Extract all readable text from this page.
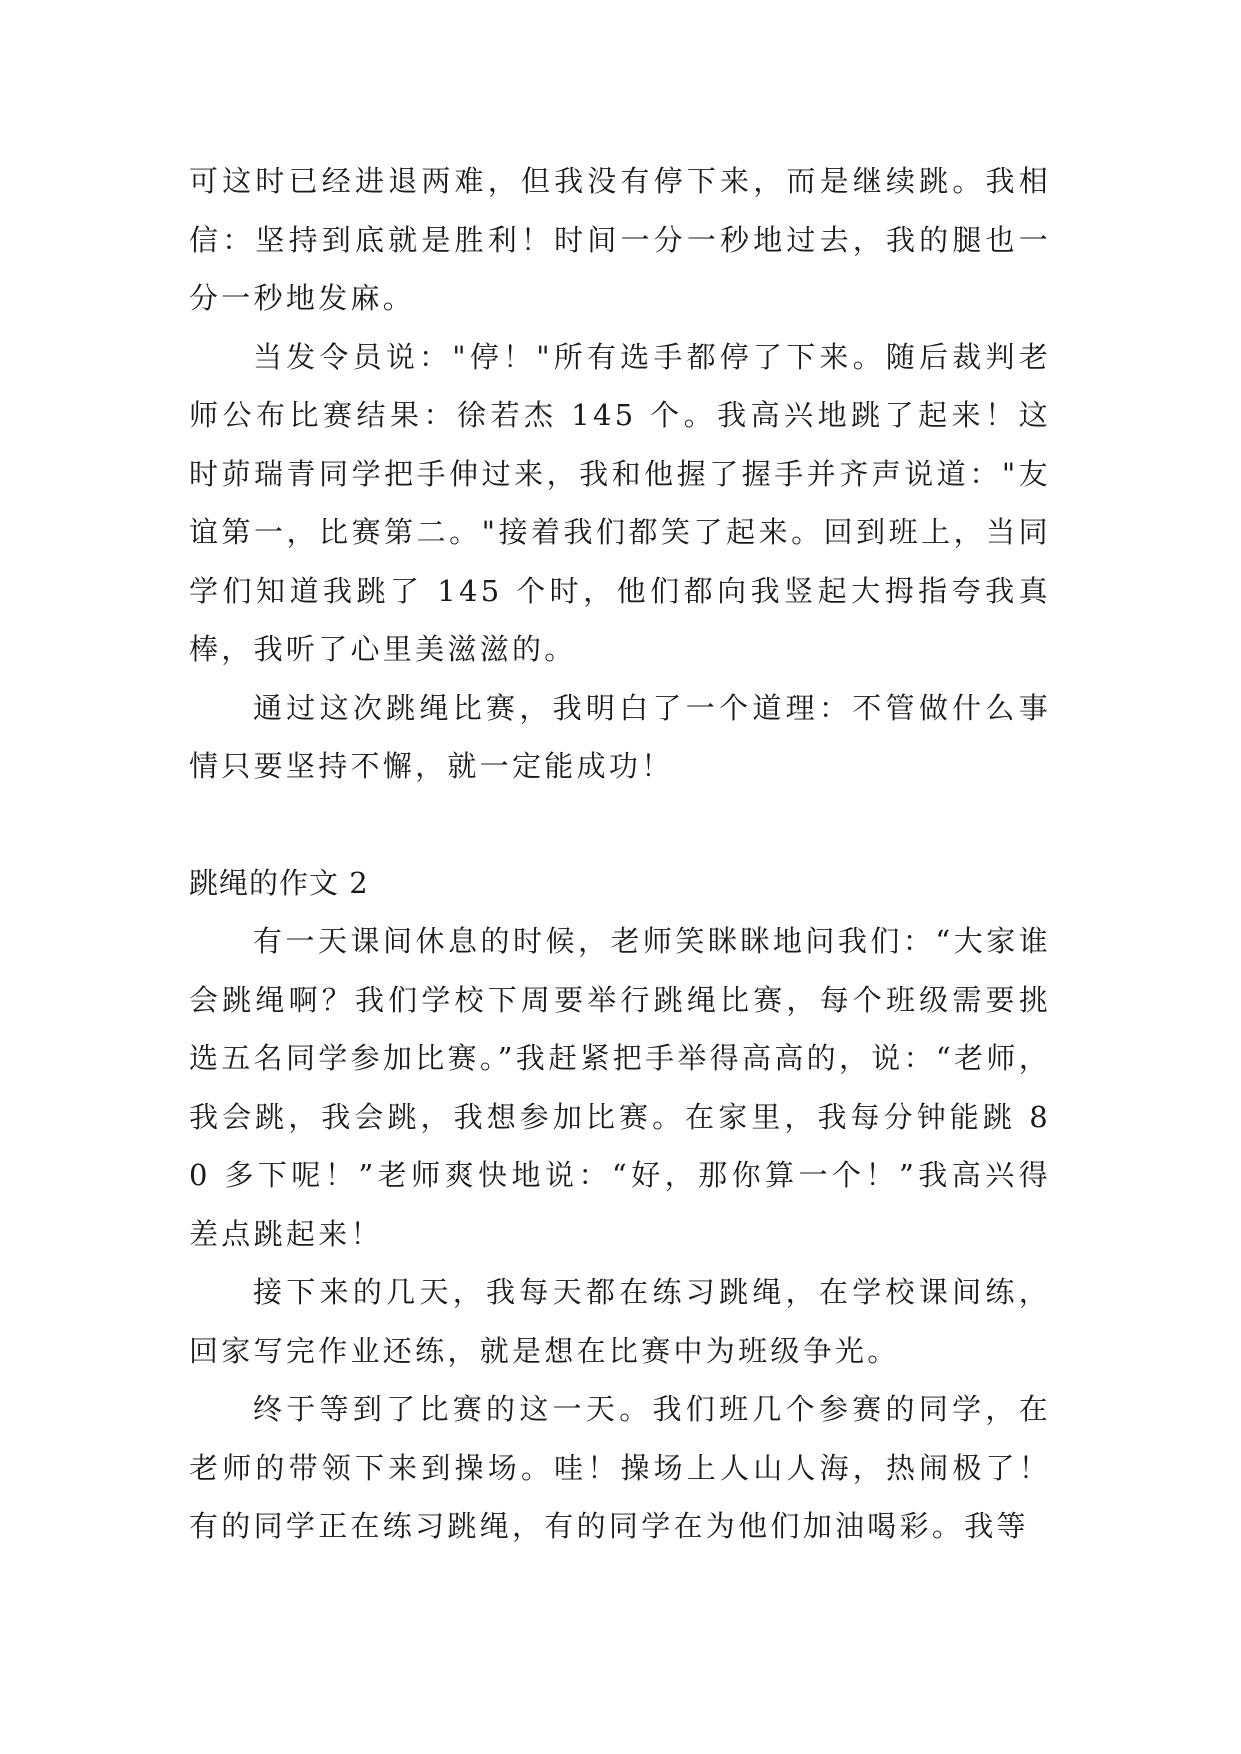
可这时已经进退两难，但我没有停下来，而是继续跳。我相信：坚持到底就是胜利！时间一分一秒地过去，我的腿也一分一秒地发麻。

当发令员说："停！"所有选手都停了下来。随后裁判老师公布比赛结果：徐若杰 145 个。我高兴地跳了起来！这时茆瑞青同学把手伸过来，我和他握了握手并齐声说道："友谊第一，比赛第二。"接着我们都笑了起来。回到班上，当同学们知道我跳了 145 个时，他们都向我竖起大拇指夸我真棒，我听了心里美滋滋的。

通过这次跳绳比赛，我明白了一个道理：不管做什么事情只要坚持不懈，就一定能成功！

跳绳的作文 2

有一天课间休息的时候，老师笑眯眯地问我们：“大家谁会跳绳啊？我们学校下周要举行跳绳比赛，每个班级需要挑选五名同学参加比赛。”我赶紧把手举得高高的，说：“老师，我会跳，我会跳，我想参加比赛。在家里，我每分钟能跳 80 多下呢！”老师爽快地说：“好，那你算一个！”我高兴得差点跳起来！

接下来的几天，我每天都在练习跳绳，在学校课间练，回家写完作业还练，就是想在比赛中为班级争光。

终于等到了比赛的这一天。我们班几个参赛的同学，在老师的带领下来到操场。哇！操场上人山人海，热闹极了！有的同学正在练习跳绳，有的同学在为他们加油喝彩。我等
